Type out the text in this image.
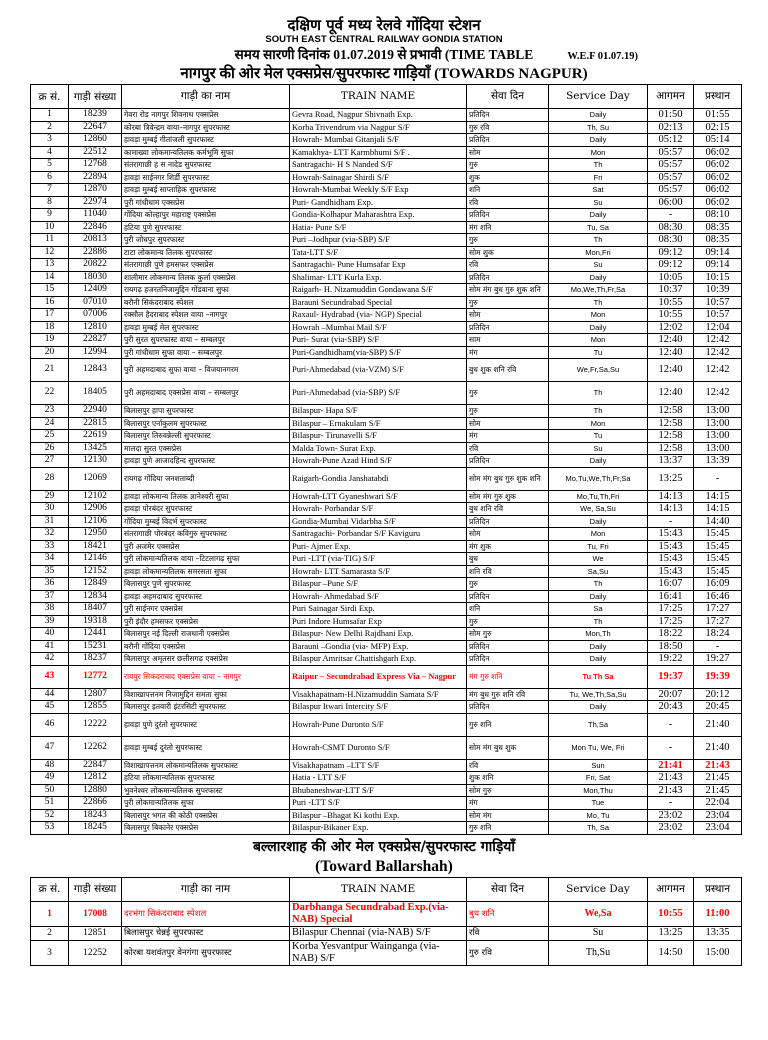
दक्षिण पूर्व मध्य रेलवे गोंदिया स्टेशन
SOUTH EAST CENTRAL RAILWAY GONDIA STATION
समय सारणी दिनांक 01.07.2019 से प्रभावी (TIME TABLE	W.E.F 01.07.19)
नागपुर की ओर मेल एक्सप्रेस/सुपरफास्ट गाड़ियाँ (TOWARDS NAGPUR)
क्र सं.	गाड़ी संख्या	गाड़ी का नाम	TRAIN NAME	सेवा दिन	Service Day	आगमन	प्रस्थान
1	18239	गेवरा रोड नागपुर शिवनाथ एक्सप्रेस	Gevra Road, Nagpur Shivnath Exp.	प्रतिदिन	Daily	01:50	01:55
2	22647	कोरबा त्रिवेन्द्रम वाया–नागपुर सुपरफास्ट	Korba Trivendrum via Nagpur S/F	गुरु रवि	Th, Su	02:13	02:15
3	12860	हावड़ा मुम्बई गीतांजली सुपरफास्ट	Howrah- Mumbai Gitanjali S/F	प्रतिदिन	Daily	05:12	05:14
4	22512	कामाख्या लोकमान्यतिलक कर्मभूमि सुफा	Kamakhya- LTT Karmbhumi S/F .	सोम	Mon	05:57	06:02
5	12768	संतरागाछी ह स नादेड सुपरफास्ट	Santragachi- H S Nanded S/F	गुरु	Th	05:57	06:02
6	22894	हावड़ा साईनगर शिर्डी सुपरफास्ट	Howrah-Sainagar Shirdi S/F	शुक	Fri	05:57	06:02
7	12870	हावड़ा मुम्बई साप्ताहिक सुपरफास्ट	Howrah-Mumbai Weekly S/F Exp	शनि	Sat	05:57	06:02
8	22974	पुरी गांधीधाम एक्सप्रेस	Puri- Gandhidham Exp.	रवि	Su	06:00	06:02
9	11040	गोंदिया कोल्हापुर महाराष्ट्र एक्सप्रेस	Gondia-Kolhapur Maharashtra Exp.	प्रतिदिन	Daily	-	08:10
10	22846	हटिया पुणे सुपरफास्ट	Hatia- Pune S/F	मंग शनि	Tu, Sa	08:30	08:35
11	20813	पुरी जोधपुर सुपरफास्ट	Puri –Jodhpur (via-SBP) S/F	गुरु	Th	08:30	08:35
12	22886	टाटा लोकमान्य तिलक सुपरफास्ट	Tata-LTT S/F	सोम शुक	Mon,Fri	09:12	09:14
13	20822	संतरागाछी पुणे हमसफर एक्सप्रेस	Santragachi- Pune Humsafar Exp	रवि	Su	09:12	09:14
14	18030	शालीमार लोकमान्य तिलक कुर्ला एक्सप्रेस	Shalimar- LTT Kurla Exp.	प्रतिदिन	Daily	10:05	10:15
15	12409	रायगढ़ हजरतनिजामुद्दिन गोंडवाना सुफा	Raigarh- H. Nizamuddin Gondawana S/F	सोम मंग बुध गुरु शुक शनि	Mo,We,Th,Fr,Sa	10:37	10:39
16	07010	बरौनी सिकंदराबाद स्पेशल	Barauni Secundrabad Special	गुरु	Th	10:55	10:57
17	07006	रक्सौल हैदराबाद स्पेशल वाया –नागपुर	Raxaul- Hydrabad (via- NGP) Special	सोम	Mon	10:55	10:57
18	12810	हावड़ा मुम्बई मेल सुपरफास्ट	Howrah –Mumbai Mail S/F	प्रतिदिन	Daily	12:02	12:04
19	22827	पुरी सुरत सुपरफास्ट वाया – सम्बलपुर	Puri- Surat (via-SBP) S/F	साम	Mon	12:40	12:42
20	12994	पुरी गांधीधाम सुफा वाया – सम्बलपुर	Puri-Gandhidham(via-SBP) S/F	मंग	Tu	12:40	12:42
21	12843	पुरी अहमदाबाद सुफा वाया – विजयानगरम	Puri-Ahmedabad (via-VZM) S/F	बुध शुक शनि रवि	We,Fr,Sa,Su	12:40	12:42
22	18405	पुरी अहमदाबाद एक्सप्रेस वाया – सम्बलपुर	Puri-Ahmedabad (via-SBP) S/F	गुरु	Th	12:40	12:42
23	22940	बिलासपुर हापा सुपरफास्ट	Bilaspur- Hapa S/F	गुरु	Th	12:58	13:00
24	22815	बिलासपुर एर्नाकुलम सुपरफास्ट	Bilaspur – Ernakulam S/F	सोम	Mon	12:58	13:00
25	22619	बिलासपुर तिरुवन्नेल्ली सुपरफास्ट	Bilaspur- Tirunavelli S/F	मंग	Tu	12:58	13:00
26	13425	मालदा सुरत एक्सप्रेस	Malda Town- Surat Exp.	रवि	Su	12:58	13:00
27	12130	हावड़ा पुणे आजादहिन्द सुपरफास्ट	Howrah-Pune Azad Hind S/F	प्रतिदिन	Daily	13:37	13:39
28	12069	रायगढ़ गोंदिया जनशताब्दी	Raigarh-Gondia Janshatabdi	सोम मंग बुध गुरु शुक शनि	Mo,Tu,We,Th,Fr,Sa	13:25	-
29	12102	हावड़ा लोकमान्य तिलक ज्ञानेश्वरी सुफा	Howrah-LTT Gyaneshwari S/F	सोम मंग गुरु शुक	Mo,Tu,Th,Fri	14:13	14:15
30	12906	हावड़ा पोरबंदर सुपरफास्ट	Howrah- Porbandar S/F	बुध शनि रवि	We, Sa,Su	14:13	14:15
31	12106	गोंदिया मुम्बई विदर्भ सुपरफास्ट	Gondia-Mumbai Vidarbha S/F	प्रतिदिन	Daily	-	14:40
32	12950	संतरागाछी पोरबंदर कविगुरु सुपरफास्ट	Santragachi- Porbandar S/F Kaviguru	सोम	Mon	15:43	15:45
33	18421	पुरी अजमेर एक्सप्रेस	Puri- Ajmer Exp.	मंग शुक	Tu, Fri	15:43	15:45
34	12146	पुरी लोकमान्यतिलक वाया –टिटलागढ़ सुफा	Puri -LTT (via-TIG) S/F	बुध	We	15:43	15:45
35	12152	हावड़ा लोकमान्यतिलक समरसता सुफा	Howrah- LTT Samarasta S/F	शनि रवि	Sa,Su	15:43	15:45
36	12849	बिलासपुर पुणे सुपरफास्ट	Bilaspur –Pune S/F	गुरु	Th	16:07	16:09
37	12834	हावड़ा अहमदाबाद सुपरफास्ट	Howrah- Ahmedabad S/F	प्रतिदिन	Daily	16:41	16:46
38	18407	पुरी साईनगर एक्सप्रेस	Puri Sainagar Sirdi Exp.	शनि	Sa	17:25	17:27
39	19318	पुरी इंदौर हमसफर एक्सप्रेस	Puri Indore Humsafar Exp	गुरु	Th	17:25	17:27
40	12441	बिलासपुर नई दिल्ली राजधानी एक्सप्रेस	Bilaspur- New Delhi Rajdhani Exp.	सोम गुरु	Mon,Th	18:22	18:24
41	15231	बरौनी गोंदिया एक्सप्रेस	Barauni –Gondia (via- MFP) Exp.	प्रतिदिन	Daily	18:50	-
42	18237	बिलासपुर अमृतसर छत्तीसगढ़ एक्सप्रेस	Bilaspur Amritsar Chattishgarh Exp.	प्रतिदिन	Daily	19:22	19:27
43	12772	रायपुर सिकंदराबाद एक्सप्रेस वाया – नागपुर	Raipur – Secundrabad Express Via – Nagpur	मंग गुरु शनि	Tu Th Sa	19:37	19:39
44	12807	विशाखापत्तनम निजामुद्दिन समता सुफा	Visakhapatnam-H.Nizamuddin Samata S/F	मंग बुध गुरु शनि रवि	Tu, We,Th,Sa,Su	20:07	20:12
45	12855	बिलासपुर इतवारी इंटरसिटी सुपरफास्ट	Bilaspur Itwari Intercity S/F	प्रतिदिन	Daily	20:43	20:45
46	12222	हावड़ा पुणे दुरंतो सुपरफास्ट	Howrah-Pune Duronto S/F	गुरु शनि	Th,Sa	-	21:40
47	12262	हावड़ा मुम्बई दुरंतो सुपरफास्ट	Howrah-CSMT Duronto S/F	सोम मंग बुध शुक	Mon Tu, We, Fri	-	21:40
48	22847	विशाखापत्तनम लोकमान्यतिलक सुपरफास्ट	Visakhapatnam –LTT S/F	रवि	Sun	21:41	21:43
49	12812	हटिया लोकमान्यतिलक सुपरफास्ट	Hatia - LTT S/F	शुक शनि	Fri, Sat	21:43	21:45
50	12880	भुवनेश्वर लोकमान्यतिलक सुपरफास्ट	Bhubaneshwar-LTT S/F	सोम गुरु	Mon,Thu	21:43	21:45
51	22866	पुरी लोकमान्यतिलक सुफा	Puri -LTT S/F	मंग	Tue	-	22:04
52	18243	बिलासपुर भगत की कोठी एक्सप्रेस	Bilaspur –Bhagat Ki kothi Exp.	सोम मंग	Mo, Tu	23:02	23:04
53	18245	बिलासपुर बिकानेर एक्सप्रेस	Bilaspur-Bikaner Exp.	गुरु शनि	Th, Sa	23:02	23:04
बल्लारशाह की ओर मेल एक्सप्रेस/सुपरफास्ट गाड़ियाँ
(Toward Ballarshah)
क्र सं.	गाड़ी संख्या	गाड़ी का नाम	TRAIN NAME	सेवा दिन	Service Day	आगमन	प्रस्थान
1	17008	दरभंगा सिकंदराबाद स्पेशल	Darbhanga Secundrabad Exp.(via-NAB) Special	बुध शनि	We,Sa	10:55	11:00
2	12851	बिलासपुर चेन्नई सुपरफास्ट	Bilaspur Chennai (via-NAB) S/F	रवि	Su	13:25	13:35
3	12252	कोरबा यशवंतपुर वेनगंगा सुपरफास्ट	Korba Yesvantpur Wainganga (via-NAB) S/F	गुरु रवि	Th,Su	14:50	15:00
